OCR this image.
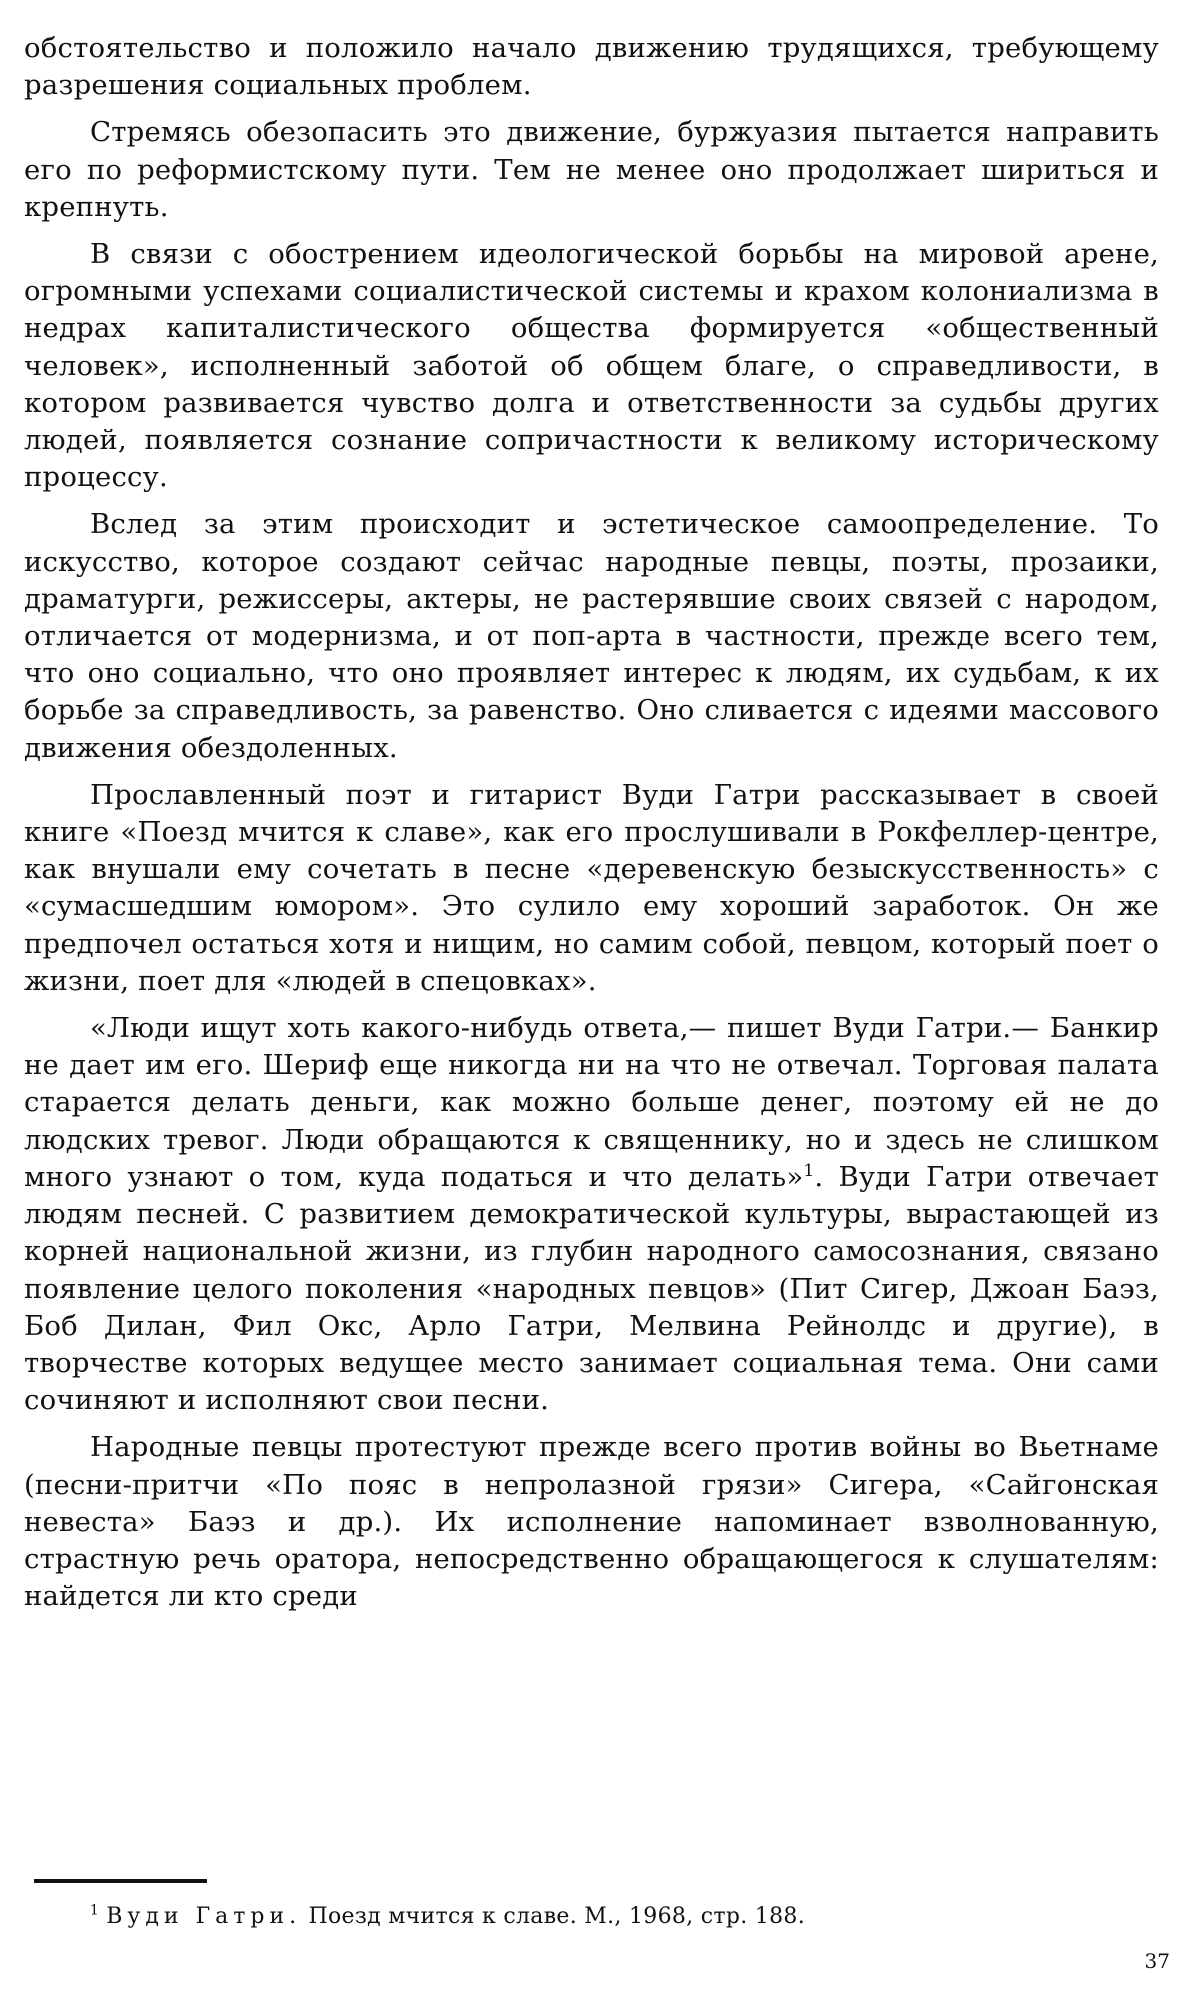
обстоятельство и положило начало движению трудящихся, требующему разрешения социальных проблем.

Стремясь обезопасить это движение, буржуазия пытается направить его по реформистскому пути. Тем не менее оно продолжает шириться и крепнуть.

В связи с обострением идеологической борьбы на мировой арене, огромными успехами социалистической системы и крахом колониализма в недрах капиталистического общества формируется «общественный человек», исполненный заботой об общем благе, о справедливости, в котором развивается чувство долга и ответственности за судьбы других людей, появляется сознание сопричастности к великому историческому процессу.

Вслед за этим происходит и эстетическое самоопределение. То искусство, которое создают сейчас народные певцы, поэты, прозаики, драматурги, режиссеры, актеры, не растерявшие своих связей с народом, отличается от модернизма, и от поп-арта в частности, прежде всего тем, что оно социально, что оно проявляет интерес к людям, их судьбам, к их борьбе за справедливость, за равенство. Оно сливается с идеями массового движения обездоленных.

Прославленный поэт и гитарист Вуди Гатри рассказывает в своей книге «Поезд мчится к славе», как его прослушивали в Рокфеллер-центре, как внушали ему сочетать в песне «деревенскую безыскусственность» с «сумасшедшим юмором». Это сулило ему хороший заработок. Он же предпочел остаться хотя и нищим, но самим собой, певцом, который поет о жизни, поет для «людей в спецовках».

«Люди ищут хоть какого-нибудь ответа,— пишет Вуди Гатри.— Банкир не дает им его. Шериф еще никогда ни на что не отвечал. Торговая палата старается делать деньги, как можно больше денег, поэтому ей не до людских тревог. Люди обращаются к священнику, но и здесь не слишком много узнают о том, куда податься и что делать»$^1$. Вуди Гатри отвечает людям песней. С развитием демократической культуры, вырастающей из корней национальной жизни, из глубин народного самосознания, связано появление целого поколения «народных певцов» (Пит Сигер, Джоан Баэз, Боб Дилан, Фил Окс, Арло Гатри, Мелвина Рейнолдс и другие), в творчестве которых ведущее место занимает социальная тема. Они сами сочиняют и исполняют свои песни.

Народные певцы протестуют прежде всего против войны во Вьетнаме (песни-притчи «По пояс в непролазной грязи» Сигера, «Сайгонская невеста» Баэз и др.). Их исполнение напоминает взволнованную, страстную речь оратора, непосредственно обращающегося к слушателям: найдется ли кто среди

$^1$ Вуди Гатри. Поезд мчится к славе. М., 1968, стр. 188.
37
